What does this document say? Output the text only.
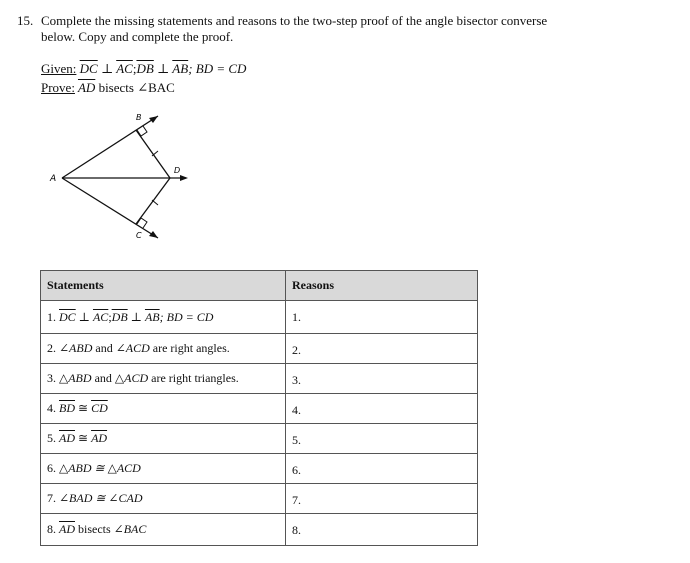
15. Complete the missing statements and reasons to the two-step proof of the angle bisector converse below. Copy and complete the proof.
Given: $\overline{DC}$ ⊥ $\overline{AC};\overline{DB}$ ⊥ $\overline{AB}$; BD = CD
Prove: $\overline{AD}$ bisects ∠BAC
A
B
C
D
Statements	Reasons
1. $\overline{DC}$ ⊥ $\overline{AC};\overline{DB}$ ⊥ $\overline{AB}$; BD = CD	1.
2. ∠ABD and ∠ACD are right angles.	2.
3. △ABD and △ACD are right triangles.	3.
4. $\overline{BD}$ ≅ $\overline{CD}$	4.
5. $\overline{AD}$ ≅ $\overline{AD}$	5.
6. △ABD ≅ △ACD	6.
7. ∠BAD ≅ ∠CAD	7.
8. $\overline{AD}$ bisects ∠BAC	8.
